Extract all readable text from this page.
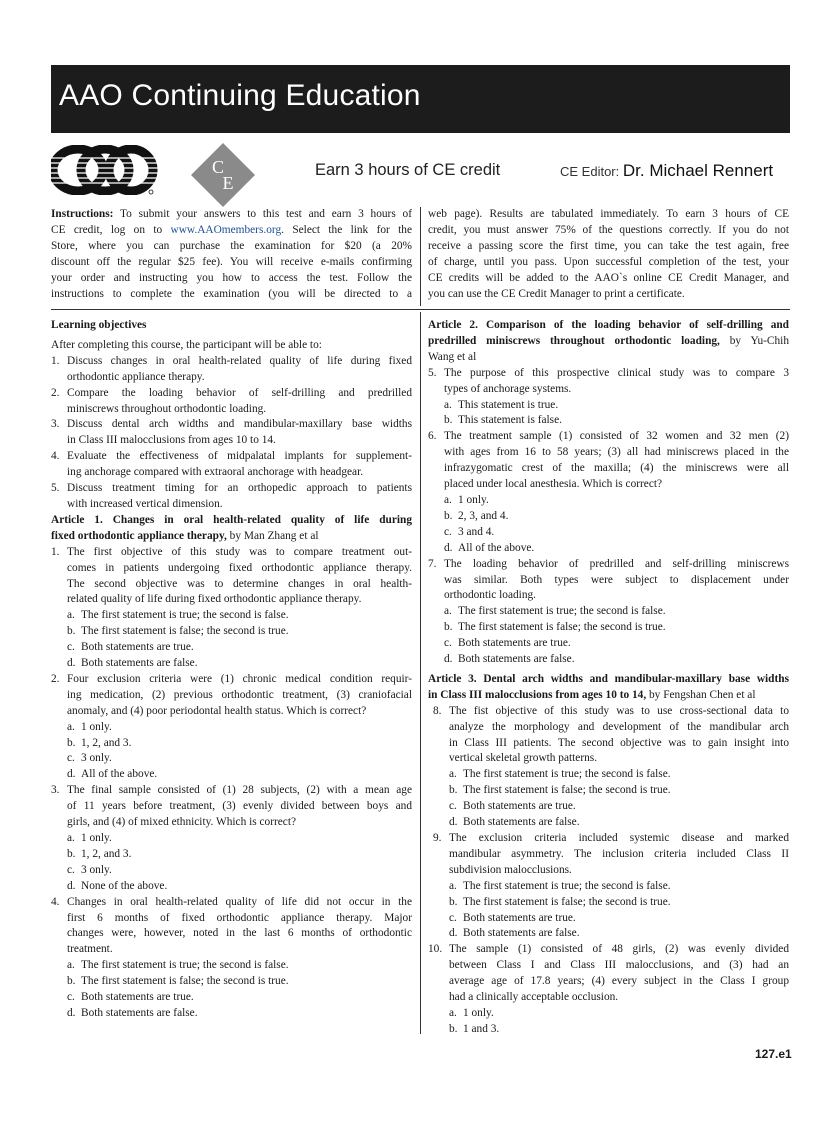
AAO Continuing Education
C
E
Earn 3 hours of CE credit	CE Editor: Dr. Michael Rennert
Instructions: To submit your answers to this test and earn 3 hours of
CE credit, log on to www.AAOmembers.org. Select the link for the
Store, where you can purchase the examination for $20 (a 20%
discount off the regular $25 fee). You will receive e-mails confirming
your order and instructing you how to access the test. Follow the
instructions to complete the examination (you will be directed to a
web page). Results are tabulated immediately. To earn 3 hours of CE
credit, you must answer 75% of the questions correctly. If you do not
receive a passing score the first time, you can take the test again, free
of charge, until you pass. Upon successful completion of the test, your
CE credits will be added to the AAO`s online CE Credit Manager, and
you can use the CE Credit Manager to print a certificate.
Learning objectives
After completing this course, the participant will be able to:
1. Discuss changes in oral health-related quality of life during fixed
orthodontic appliance therapy.
2. Compare the loading behavior of self-drilling and predrilled
miniscrews throughout orthodontic loading.
3. Discuss dental arch widths and mandibular-maxillary base widths
in Class III malocclusions from ages 10 to 14.
4. Evaluate the effectiveness of midpalatal implants for supplement-
ing anchorage compared with extraoral anchorage with headgear.
5. Discuss treatment timing for an orthopedic approach to patients
with increased vertical dimension.
Article 1. Changes in oral health-related quality of life during
fixed orthodontic appliance therapy, by Man Zhang et al
1. The first objective of this study was to compare treatment out-
comes in patients undergoing fixed orthodontic appliance therapy.
The second objective was to determine changes in oral health-
related quality of life during fixed orthodontic appliance therapy.
a. The first statement is true; the second is false.
b. The first statement is false; the second is true.
c. Both statements are true.
d. Both statements are false.
2. Four exclusion criteria were (1) chronic medical condition requir-
ing medication, (2) previous orthodontic treatment, (3) craniofacial
anomaly, and (4) poor periodontal health status. Which is correct?
a. 1 only.
b. 1, 2, and 3.
c. 3 only.
d. All of the above.
3. The final sample consisted of (1) 28 subjects, (2) with a mean age
of 11 years before treatment, (3) evenly divided between boys and
girls, and (4) of mixed ethnicity. Which is correct?
a. 1 only.
b. 1, 2, and 3.
c. 3 only.
d. None of the above.
4. Changes in oral health-related quality of life did not occur in the
first 6 months of fixed orthodontic appliance therapy. Major
changes were, however, noted in the last 6 months of orthodontic
treatment.
a. The first statement is true; the second is false.
b. The first statement is false; the second is true.
c. Both statements are true.
d. Both statements are false.
Article 2. Comparison of the loading behavior of self-drilling and
predrilled miniscrews throughout orthodontic loading, by Yu-Chih
Wang et al
5. The purpose of this prospective clinical study was to compare 3
types of anchorage systems.
a. This statement is true.
b. This statement is false.
6. The treatment sample (1) consisted of 32 women and 32 men (2)
with ages from 16 to 58 years; (3) all had miniscrews placed in the
infrazygomatic crest of the maxilla; (4) the miniscrews were all
placed under local anesthesia. Which is correct?
a. 1 only.
b. 2, 3, and 4.
c. 3 and 4.
d. All of the above.
7. The loading behavior of predrilled and self-drilling miniscrews
was similar. Both types were subject to displacement under
orthodontic loading.
a. The first statement is true; the second is false.
b. The first statement is false; the second is true.
c. Both statements are true.
d. Both statements are false.
Article 3. Dental arch widths and mandibular-maxillary base widths
in Class III malocclusions from ages 10 to 14, by Fengshan Chen et al
8. The fist objective of this study was to use cross-sectional data to
analyze the morphology and development of the mandibular arch
in Class III patients. The second objective was to gain insight into
vertical skeletal growth patterns.
a. The first statement is true; the second is false.
b. The first statement is false; the second is true.
c. Both statements are true.
d. Both statements are false.
9. The exclusion criteria included systemic disease and marked
mandibular asymmetry. The inclusion criteria included Class II
subdivision malocclusions.
a. The first statement is true; the second is false.
b. The first statement is false; the second is true.
c. Both statements are true.
d. Both statements are false.
10. The sample (1) consisted of 48 girls, (2) was evenly divided
between Class I and Class III malocclusions, and (3) had an
average age of 17.8 years; (4) every subject in the Class I group
had a clinically acceptable occlusion.
a. 1 only.
b. 1 and 3.
127.e1
